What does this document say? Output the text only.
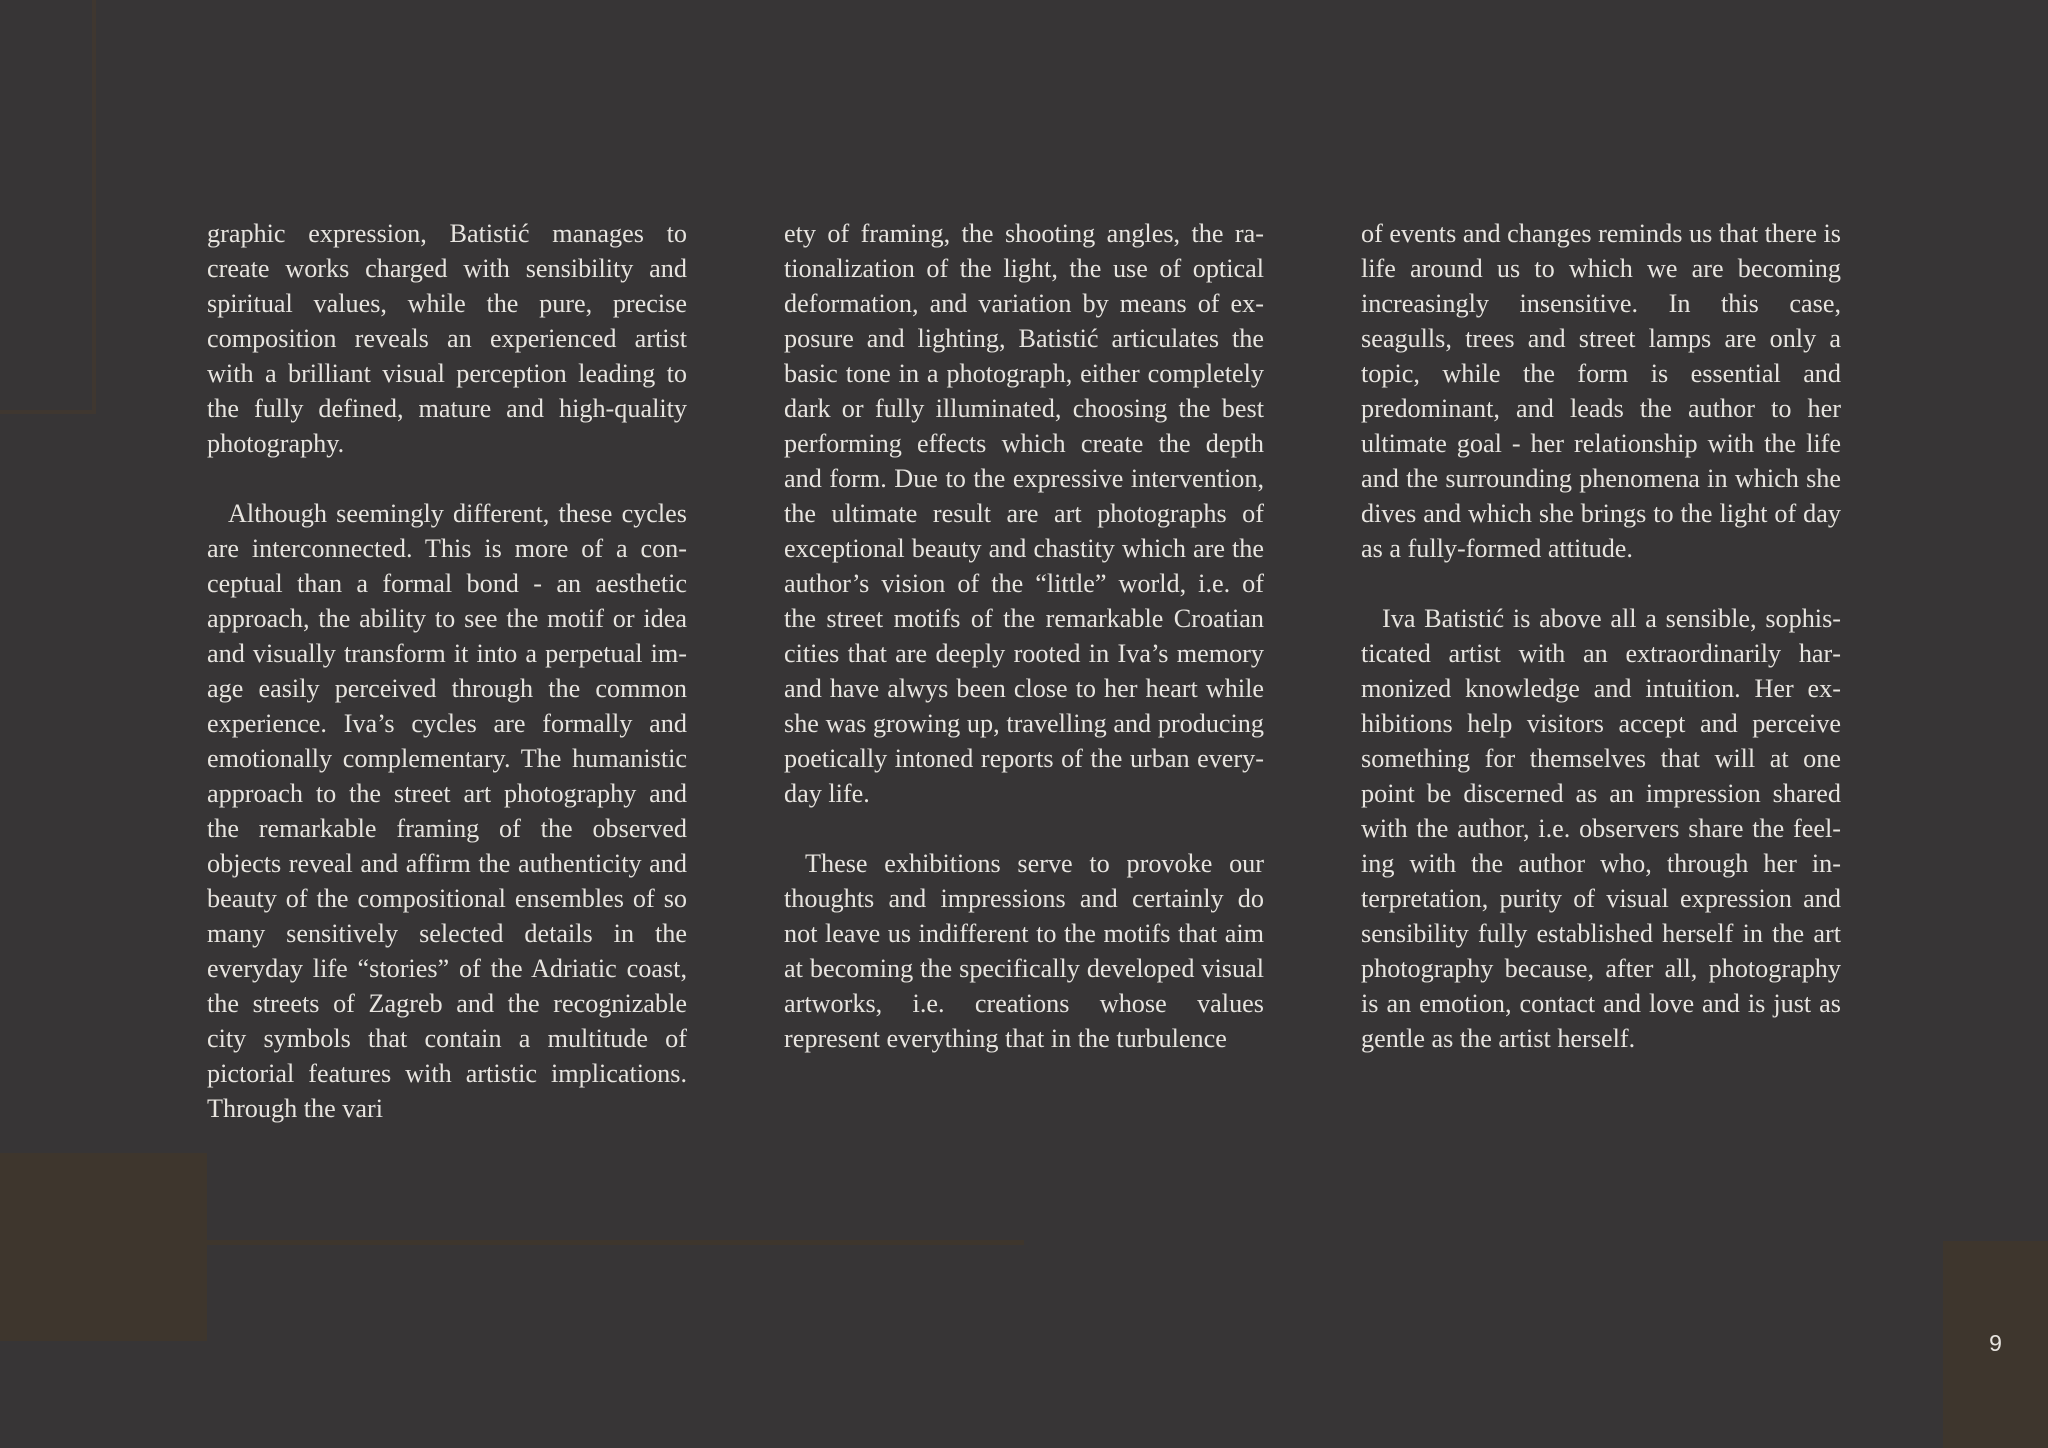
graphic expression, Batistić manages to create works charged with sensibility and spiritual values, while the pure, precise composition reveals an experienced artist with a brilliant visual perception leading to the fully defined, mature and high-quality photography.

Although seemingly different, these cycles are interconnected. This is more of a conceptual than a formal bond - an aesthetic approach, the ability to see the motif or idea and visually transform it into a perpetual image easily perceived through the common experience. Iva’s cycles are formally and emotionally complementary. The humanistic approach to the street art photography and the remarkable framing of the observed objects reveal and affirm the authenticity and beauty of the compositional ensembles of so many sensitively selected details in the everyday life “stories” of the Adriatic coast, the streets of Zagreb and the recognizable city symbols that contain a multitude of pictorial features with artistic implications. Through the vari

ety of framing, the shooting angles, the rationalization of the light, the use of optical deformation, and variation by means of exposure and lighting, Batistić articulates the basic tone in a photograph, either completely dark or fully illuminated, choosing the best performing effects which create the depth and form. Due to the expressive intervention, the ultimate result are art photographs of exceptional beauty and chastity which are the author’s vision of the “little” world, i.e. of the street motifs of the remarkable Croatian cities that are deeply rooted in Iva’s memory and have alwys been close to her heart while she was growing up, travelling and producing poetically intoned reports of the urban everyday life.

These exhibitions serve to provoke our thoughts and impressions and certainly do not leave us indifferent to the motifs that aim at becoming the specifically developed visual artworks, i.e. creations whose values represent everything that in the turbulence

of events and changes reminds us that there is life around us to which we are becoming increasingly insensitive. In this case, seagulls, trees and street lamps are only a topic, while the form is essential and predominant, and leads the author to her ultimate goal - her relationship with the life and the surrounding phenomena in which she dives and which she brings to the light of day as a fully-formed attitude.

Iva Batistić is above all a sensible, sophisticated artist with an extraordinarily harmonized knowledge and intuition. Her exhibitions help visitors accept and perceive something for themselves that will at one point be discerned as an impression shared with the author, i.e. observers share the feeling with the author who, through her interpretation, purity of visual expression and sensibility fully established herself in the art photography because, after all, photography is an emotion, contact and love and is just as gentle as the artist herself.

9
